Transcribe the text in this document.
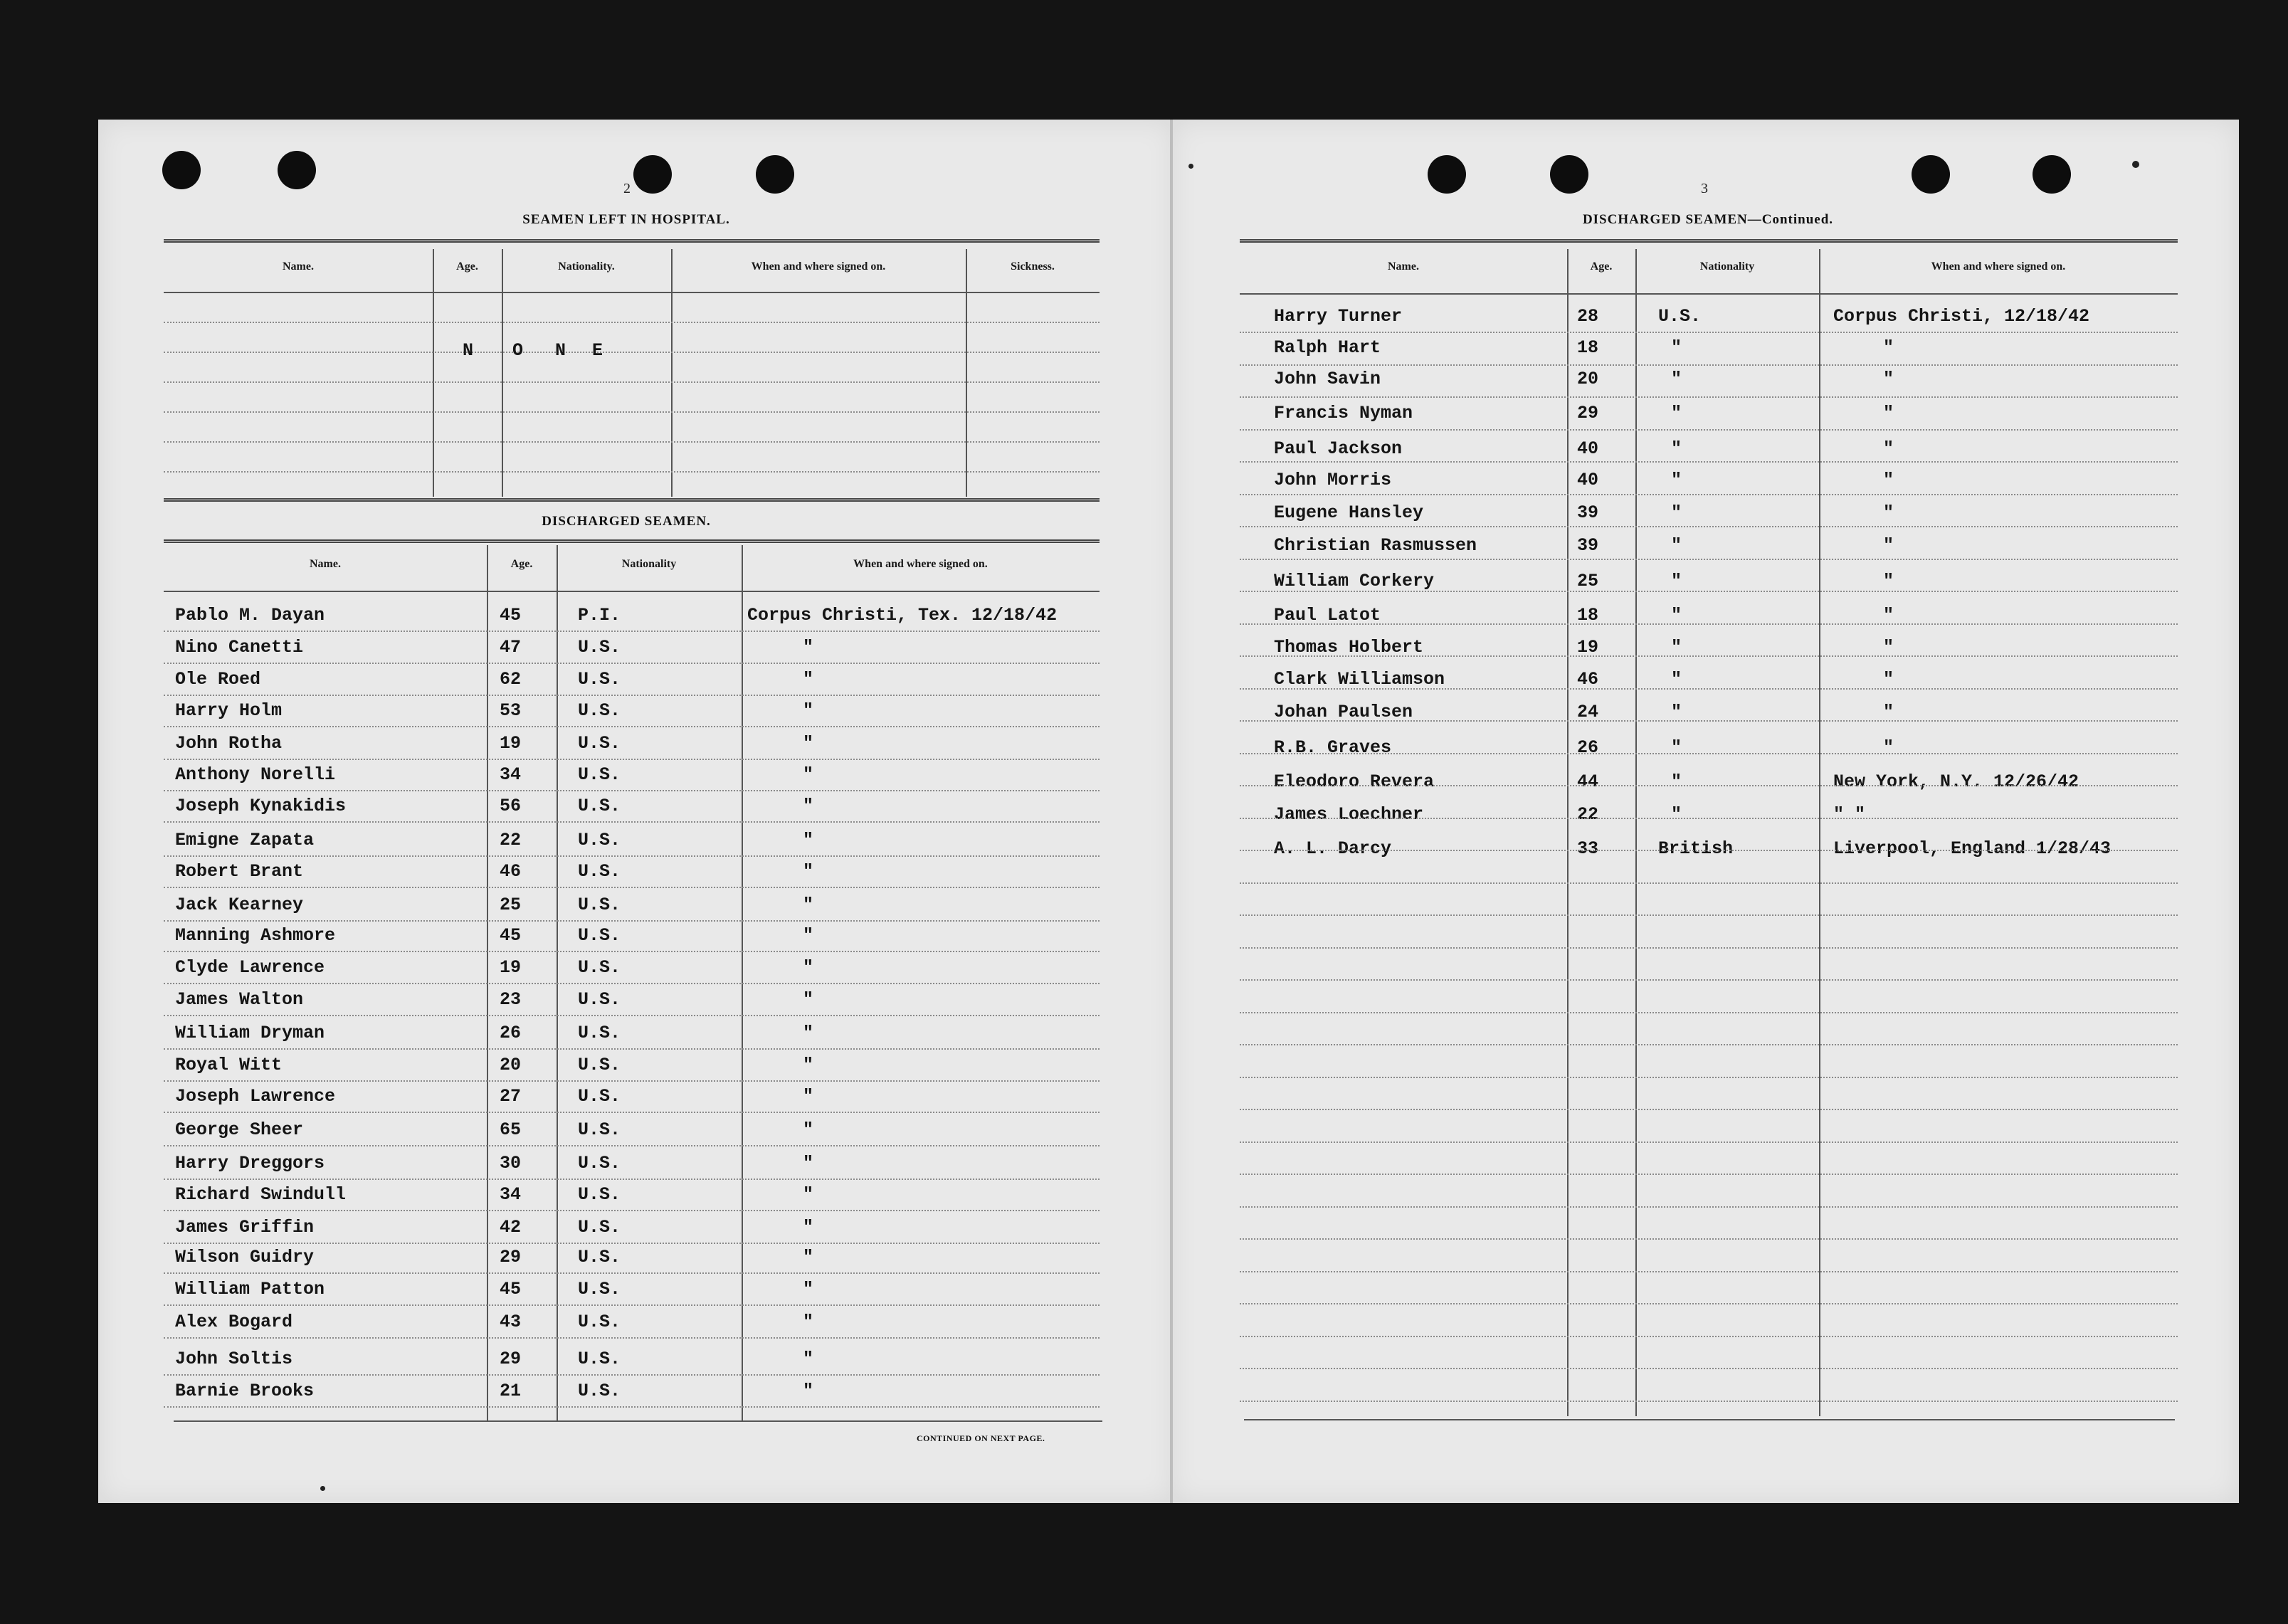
2
SEAMEN LEFT IN HOSPITAL.
Name.	Age.	Nationality.	When and where signed on.	Sickness.
N O N E
DISCHARGED SEAMEN.
Name.	Age.	Nationality	When and where signed on.
Pablo M. Dayan	45	P.I.	Corpus Christi, Tex. 12/18/42
Nino Canetti	47	U.S.	"
Ole Roed	62	U.S.	"
Harry Holm	53	U.S.	"
John Rotha	19	U.S.	"
Anthony Norelli	34	U.S.	"
Joseph Kynakidis	56	U.S.	"
Emigne Zapata	22	U.S.	"
Robert Brant	46	U.S.	"
Jack Kearney	25	U.S.	"
Manning Ashmore	45	U.S.	"
Clyde Lawrence	19	U.S.	"
James Walton	23	U.S.	"
William Dryman	26	U.S.	"
Royal Witt	20	U.S.	"
Joseph Lawrence	27	U.S.	"
George Sheer	65	U.S.	"
Harry Dreggors	30	U.S.	"
Richard Swindull	34	U.S.	"
James Griffin	42	U.S.	"
Wilson Guidry	29	U.S.	"
William Patton	45	U.S.	"
Alex Bogard	43	U.S.	"
John Soltis	29	U.S.	"
Barnie Brooks	21	U.S.	"
CONTINUED ON NEXT PAGE.
3
DISCHARGED SEAMEN—Continued.
Name.	Age.	Nationality	When and where signed on.
Harry Turner	28	U.S.	Corpus Christi, 12/18/42
Ralph Hart	18	"	"
John Savin	20	"	"
Francis Nyman	29	"	"
Paul Jackson	40	"	"
John Morris	40	"	"
Eugene Hansley	39	"	"
Christian Rasmussen	39	"	"
William Corkery	25	"	"
Paul Latot	18	"	"
Thomas Holbert	19	"	"
Clark Williamson	46	"	"
Johan Paulsen	24	"	"
R.B. Graves	26	"	"
Eleodoro Revera	44	"	New York, N.Y. 12/26/42
James Loechner	22	"	" "
A. L. Darcy	33	British	Liverpool, England 1/28/43
